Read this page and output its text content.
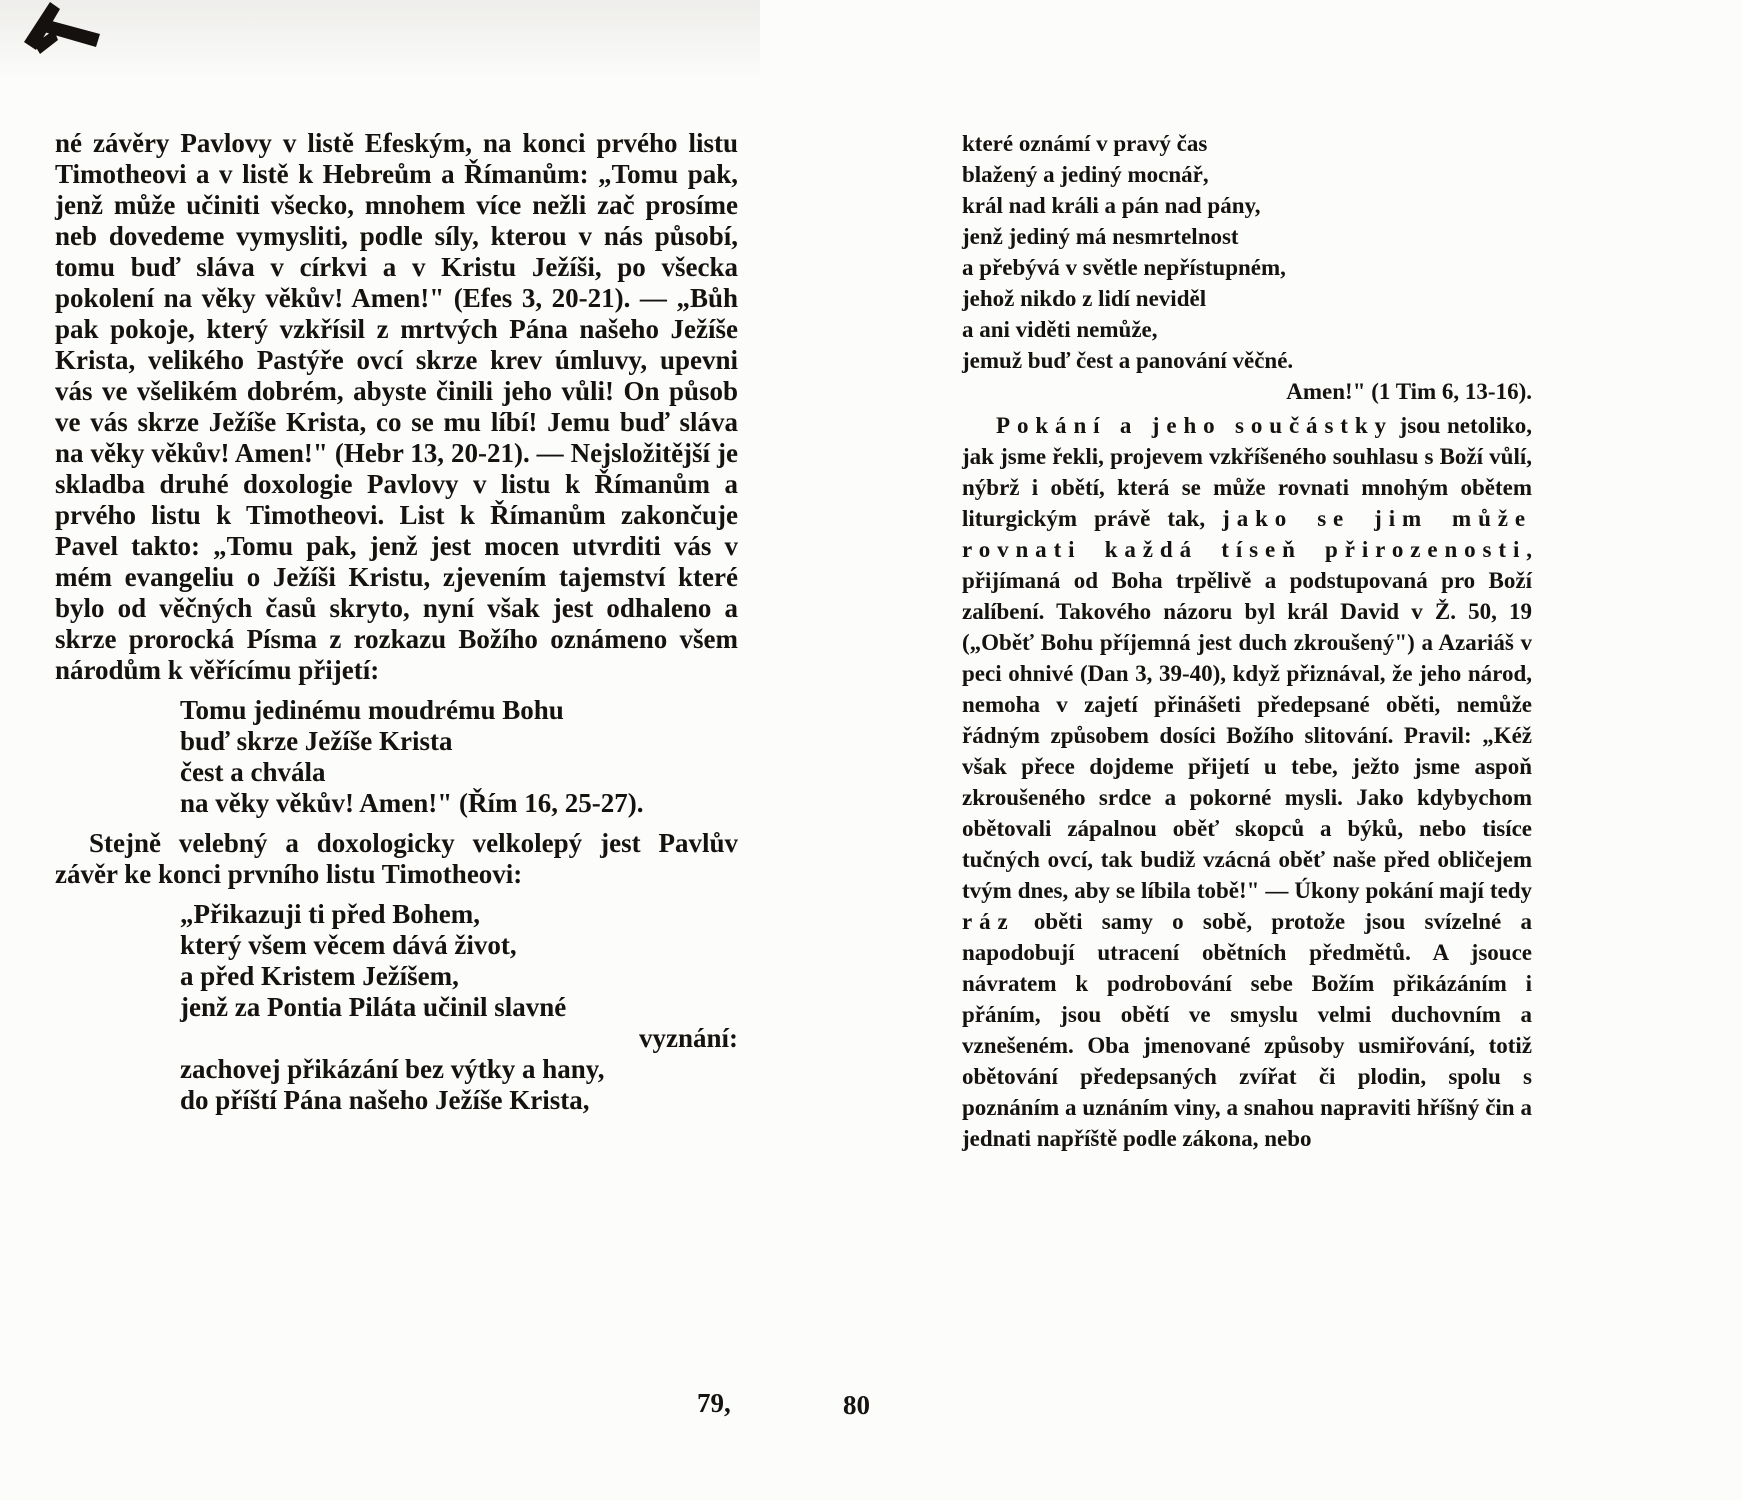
né závěry Pavlovy v listě Efeským, na konci prvého listu Timotheovi a v listě k Hebreům a Římanům: „Tomu pak, jenž může učiniti všecko, mnohem více nežli zač prosíme neb dovedeme vymysliti, podle síly, kterou v nás působí, tomu buď sláva v církvi a v Kristu Ježíši, po všecka pokolení na věky věkův! Amen!" (Efes 3, 20-21). — „Bůh pak pokoje, který vzkřísil z mrtvých Pána našeho Ježíše Krista, velikého Pastýře ovcí skrze krev úmluvy, upevni vás ve všelikém dobrém, abyste činili jeho vůli! On působ ve vás skrze Ježíše Krista, co se mu líbí! Jemu buď sláva na věky věkův! Amen!" (Hebr 13, 20-21). — Nejsložitější je skladba druhé doxologie Pavlovy v listu k Římanům a prvého listu k Timotheovi. List k Římanům zakončuje Pavel takto: „Tomu pak, jenž jest mocen utvrditi vás v mém evangeliu o Ježíši Kristu, zjevením tajemství které bylo od věčných časů skryto, nyní však jest odhaleno a skrze prorocká Písma z rozkazu Božího oznámeno všem národům k věřícímu přijetí:

Tomu jedinému moudrému Bohu
buď skrze Ježíše Krista
čest a chvála
na věky věkův! Amen!" (Řím 16, 25-27).

Stejně velebný a doxologicky velkolepý jest Pavlův závěr ke konci prvního listu Timotheovi:

„Přikazuji ti před Bohem,
který všem věcem dává život,
a před Kristem Ježíšem,
jenž za Pontia Piláta učinil slavné
vyznání:
zachovej přikázání bez výtky a hany,
do příští Pána našeho Ježíše Krista,
které oznámí v pravý čas
blažený a jediný mocnář,
král nad králi a pán nad pány,
jenž jediný má nesmrtelnost
a přebývá v světle nepřístupném,
jehož nikdo z lidí neviděl
a ani viděti nemůže,
jemuž buď čest a panování věčné.
Amen!" (1 Tim 6, 13-16).

Pokání a jeho součástky jsou netoliko, jak jsme řekli, projevem vzkříšeného souhlasu s Boží vůlí, nýbrž i obětí, která se může rovnati mnohým obětem liturgickým právě tak, jako se jim může rovnati každá tíseň přirozenosti, přijímaná od Boha trpělivě a podstupovaná pro Boží zalíbení. Takového názoru byl král David v Ž. 50, 19 („Oběť Bohu příjemná jest duch zkroušený") a Azariáš v peci ohnivé (Dan 3, 39-40), když přiznával, že jeho národ, nemoha v zajetí přinášeti předepsané oběti, nemůže řádným způsobem dosíci Božího slitování. Pravil: „Kéž však přece dojdeme přijetí u tebe, ježto jsme aspoň zkroušeného srdce a pokorné mysli. Jako kdybychom obětovali zápalnou oběť skopců a býků, nebo tisíce tučných ovcí, tak budiž vzácná oběť naše před obličejem tvým dnes, aby se líbila tobě!" — Úkony pokání mají tedy ráz oběti samy o sobě, protože jsou svízelné a napodobují utracení obětních předmětů. A jsouce návratem k podrobování sebe Božím přikázáním i přáním, jsou obětí ve smyslu velmi duchovním a vznešeném. Oba jmenované způsoby usmiřování, totiž obětování předepsaných zvířat či plodin, spolu s poznáním a uznáním viny, a snahou napraviti hříšný čin a jednati napříště podle zákona, nebo

79,	80
